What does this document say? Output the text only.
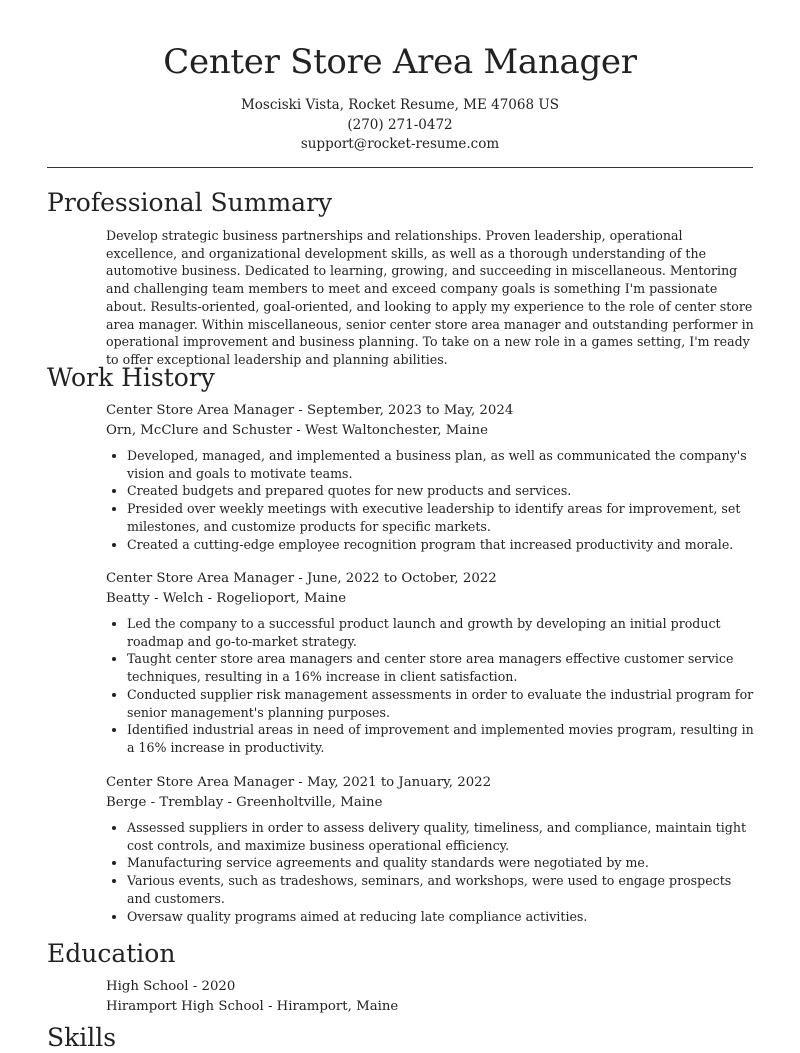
Center Store Area Manager
Mosciski Vista, Rocket Resume, ME 47068 US
(270) 271-0472
support@rocket-resume.com
Professional Summary

Develop strategic business partnerships and relationships. Proven leadership, operational excellence, and organizational development skills, as well as a thorough understanding of the automotive business. Dedicated to learning, growing, and succeeding in miscellaneous. Mentoring and challenging team members to meet and exceed company goals is something I'm passionate about. Results-oriented, goal-oriented, and looking to apply my experience to the role of center store area manager. Within miscellaneous, senior center store area manager and outstanding performer in operational improvement and business planning. To take on a new role in a games setting, I'm ready to offer exceptional leadership and planning abilities.

Work History
Center Store Area Manager - September, 2023 to May, 2024
Orn, McClure and Schuster - West Waltonchester, Maine
• Developed, managed, and implemented a business plan, as well as communicated the company's vision and goals to motivate teams.
• Created budgets and prepared quotes for new products and services.
• Presided over weekly meetings with executive leadership to identify areas for improvement, set milestones, and customize products for specific markets.
• Created a cutting-edge employee recognition program that increased productivity and morale.
Center Store Area Manager - June, 2022 to October, 2022
Beatty - Welch - Rogelioport, Maine
• Led the company to a successful product launch and growth by developing an initial product roadmap and go-to-market strategy.
• Taught center store area managers and center store area managers effective customer service techniques, resulting in a 16% increase in client satisfaction.
• Conducted supplier risk management assessments in order to evaluate the industrial program for senior management's planning purposes.
• Identified industrial areas in need of improvement and implemented movies program, resulting in a 16% increase in productivity.
Center Store Area Manager - May, 2021 to January, 2022
Berge - Tremblay - Greenholtville, Maine
• Assessed suppliers in order to assess delivery quality, timeliness, and compliance, maintain tight cost controls, and maximize business operational efficiency.
• Manufacturing service agreements and quality standards were negotiated by me.
• Various events, such as tradeshows, seminars, and workshops, were used to engage prospects and customers.
• Oversaw quality programs aimed at reducing late compliance activities.
Education
High School - 2020
Hiramport High School - Hiramport, Maine
Skills
